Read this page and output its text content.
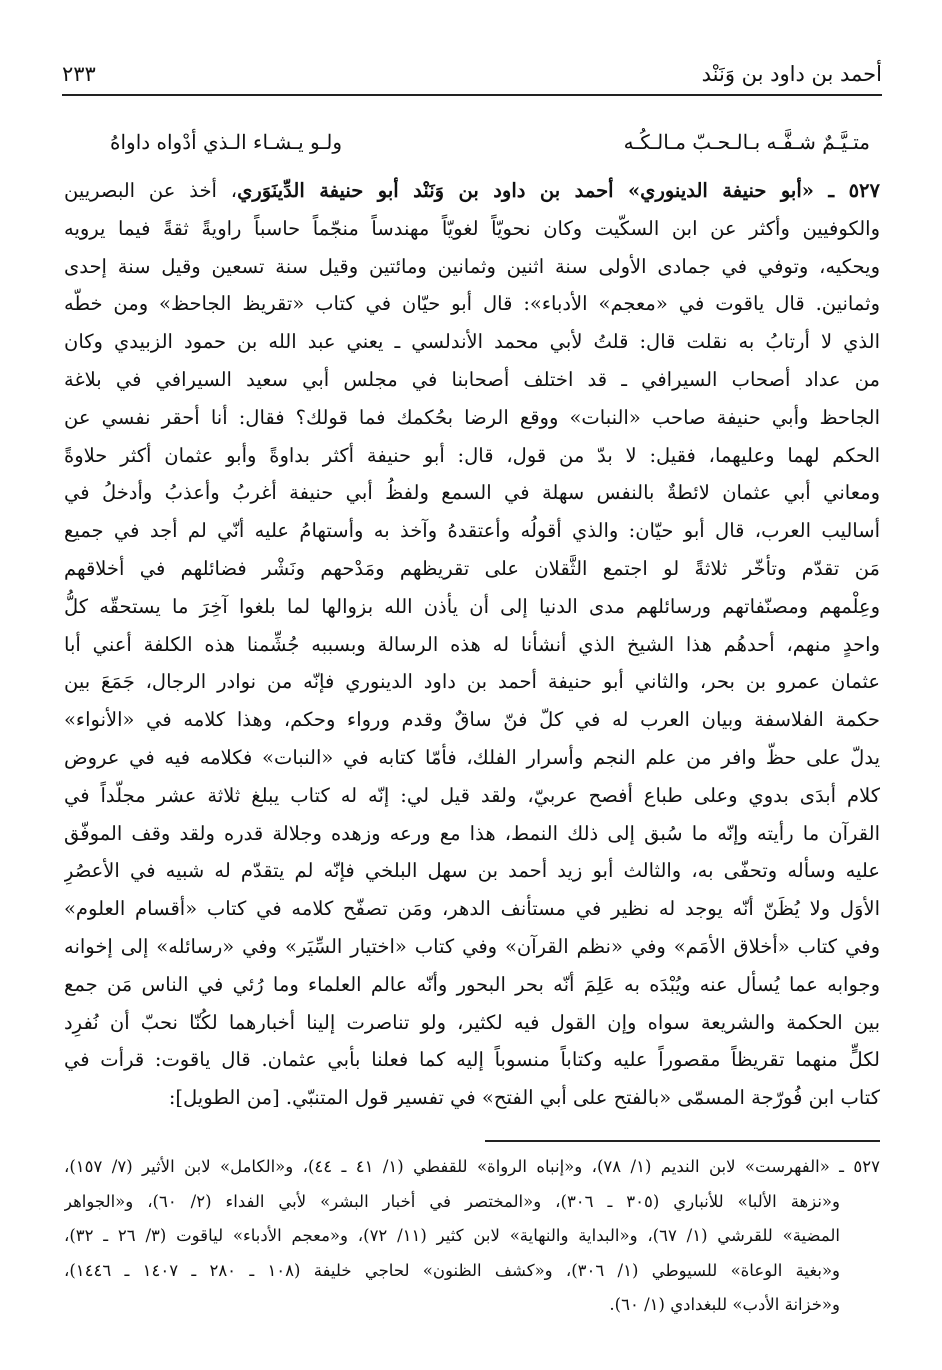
أحمد بن داود بن وَنَنْد
٢٣٣
متـيَّـمٌ شـفَّـه بـالـحـبّ مـالـكُـه
ولـو يـشـاء الـذي أدْواه داواهُ
٥٢٧ ـ «أبو حنيفة الدينوري» أحمد بن داود بن وَنَنْد أبو حنيفة الدِّينَوَري، أخذ عن البصريين
والكوفيين وأكثر عن ابن السكّيت وكان نحويّاً لغويّاً مهندساً منجّماً حاسباً راويةً ثقةً فيما يرويه
ويحكيه، وتوفي في جمادى الأولى سنة اثنين وثمانين ومائتين وقيل سنة تسعين وقيل سنة إحدى
وثمانين. قال ياقوت في «معجم» الأدباء»: قال أبو حيّان في كتاب «تقريظ الجاحظ» ومن خطّه
الذي لا أرتابُ به نقلت قال: قلتُ لأبي محمد الأندلسي ـ يعني عبد الله بن حمود الزبيدي وكان
من عداد أصحاب السيرافي ـ قد اختلف أصحابنا في مجلس أبي سعيد السيرافي في بلاغة
الجاحظ وأبي حنيفة صاحب «النبات» ووقع الرضا بحُكمك فما قولك؟ فقال: أنا أحقر نفسي عن
الحكم لهما وعليهما، فقيل: لا بدّ من قول، قال: أبو حنيفة أكثر بداوةً وأبو عثمان أكثر حلاوةً
ومعاني أبي عثمان لائطةٌ بالنفس سهلة في السمع ولفظُ أبي حنيفة أغربُ وأعذبُ وأدخلُ في
أساليب العرب، قال أبو حيّان: والذي أقولُه وأعتقدهُ وآخذ به وأستهامُ عليه أنّي لم أجد في جميع
مَن تقدّم وتأخّر ثلاثةً لو اجتمع الثَّقلان على تقريظهم ومَدْحهم ونَشْر فضائلهم في أخلاقهم
وعِلْمهم ومصنّفاتهم ورسائلهم مدى الدنيا إلى أن يأذن الله بزوالها لما بلغوا آخِرَ ما يستحقّه كلُّ
واحدٍ منهم، أحدهُم هذا الشيخ الذي أنشأنا له هذه الرسالة وبسببه جُشِّمنا هذه الكلفة أعني أبا
عثمان عمرو بن بحر، والثاني أبو حنيفة أحمد بن داود الدينوري فإنّه من نوادر الرجال، جَمَعَ بين
حكمة الفلاسفة وبيان العرب له في كلّ فنّ ساقٌ وقدم ورواء وحكم، وهذا كلامه في «الأنواء»
يدلّ على حظّ وافر من علم النجم وأسرار الفلك، فأمّا كتابه في «النبات» فكلامه فيه في عروض
كلام أبدَى بدوي وعلى طباع أفصح عربيّ، ولقد قيل لي: إنّه له كتاب يبلغ ثلاثة عشر مجلّداً في
القرآن ما رأيته وإنّه ما سُبق إلى ذلك النمط، هذا مع ورعه وزهده وجلالة قدره ولقد وقف الموفّق
عليه وسأله وتحفّى به، والثالث أبو زيد أحمد بن سهل البلخي فإنّه لم يتقدّم له شبيه في الأعصُرِ
الأوَل ولا يُظَنّ أنّه يوجد له نظير في مستأنف الدهر، ومَن تصفّح كلامه في كتاب «أقسام العلوم»
وفي كتاب «أخلاق الأمَم» وفي «نظم القرآن» وفي كتاب «اختيار السِّيَر» وفي «رسائله» إلى إخوانه
وجوابه عما يُسأل عنه ويُبْدَه به عَلِمَ أنّه بحر البحور وأنّه عالم العلماء وما رُئي في الناس مَن جمع
بين الحكمة والشريعة سواه وإن القول فيه لكثير، ولو تناصرت إلينا أخبارهما لكُنّا نحبّ أن نُفرِد
لكلٍّ منهما تقريظاً مقصوراً عليه وكتاباً منسوباً إليه كما فعلنا بأبي عثمان. قال ياقوت: قرأت في
كتاب ابن فُورّجة المسمّى «بالفتح على أبي الفتح» في تفسير قول المتنبّي. [من الطويل]:
٥٢٧ ـ «الفهرست» لابن النديم (١/ ٧٨)، و«إنباه الرواة» للقفطي (١/ ٤١ ـ ٤٤)، و«الكامل» لابن الأثير (٧/ ١٥٧)،
و«نزهة الألبا» للأنباري (٣٠٥ ـ ٣٠٦)، و«المختصر في أخبار البشر» لأبي الفداء (٢/ ٦٠)، و«الجواهر
المضية» للقرشي (١/ ٦٧)، و«البداية والنهاية» لابن كثير (١١/ ٧٢)، و«معجم الأدباء» لياقوت (٣/ ٢٦ ـ ٣٢)،
و«بغية الوعاة» للسيوطي (١/ ٣٠٦)، و«كشف الظنون» لحاجي خليفة (١٠٨ ـ ٢٨٠ ـ ١٤٠٧ ـ ١٤٤٦)،
و«خزانة الأدب» للبغدادي (١/ ٦٠).
